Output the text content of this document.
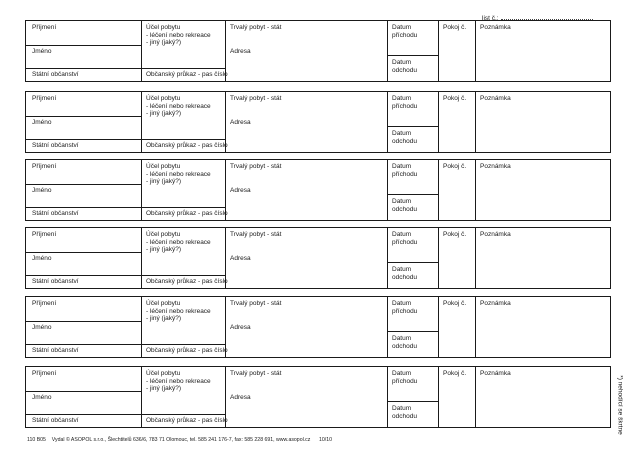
list č.:
Příjmení
Jméno
Státní občanství
Účel pobytu
- léčení nebo rekreace
- jiný (jaký?)
Občanský průkaz - pas číslo
Trvalý pobyt - stát
Adresa
Datum
příchodu
Datum
odchodu
Pokoj č. Poznámka
Příjmení
Jméno
Státní občanství
Účel pobytu
- léčení nebo rekreace
- jiný (jaký?)
Občanský průkaz - pas číslo
Trvalý pobyt - stát
Adresa
Datum
příchodu
Datum
odchodu
Pokoj č. Poznámka
Příjmení
Jméno
Státní občanství
Účel pobytu
- léčení nebo rekreace
- jiný (jaký?)
Občanský průkaz - pas číslo
Trvalý pobyt - stát
Adresa
Datum
příchodu
Datum
odchodu
Pokoj č. Poznámka
Příjmení
Jméno
Státní občanství
Účel pobytu
- léčení nebo rekreace
- jiný (jaký?)
Občanský průkaz - pas číslo
Trvalý pobyt - stát
Adresa
Datum
příchodu
Datum
odchodu
Pokoj č. Poznámka
Příjmení
Jméno
Státní občanství
Účel pobytu
- léčení nebo rekreace
- jiný (jaký?)
Občanský průkaz - pas číslo
Trvalý pobyt - stát
Adresa
Datum
příchodu
Datum
odchodu
Pokoj č. Poznámka
Příjmení
Jméno
Státní občanství
Účel pobytu
- léčení nebo rekreace
- jiný (jaký?)
Občanský průkaz - pas číslo
Trvalý pobyt - stát
Adresa
Datum
příchodu
Datum
odchodu
Pokoj č. Poznámka
110 B05 Vydal © ASOPOL s.r.o., Šlechtitelů 636/6, 783 71 Olomouc, tel. 585 241 176-7, fax: 585 228 691, www.asopol.cz 10/10
*) nehodící se škrtne
